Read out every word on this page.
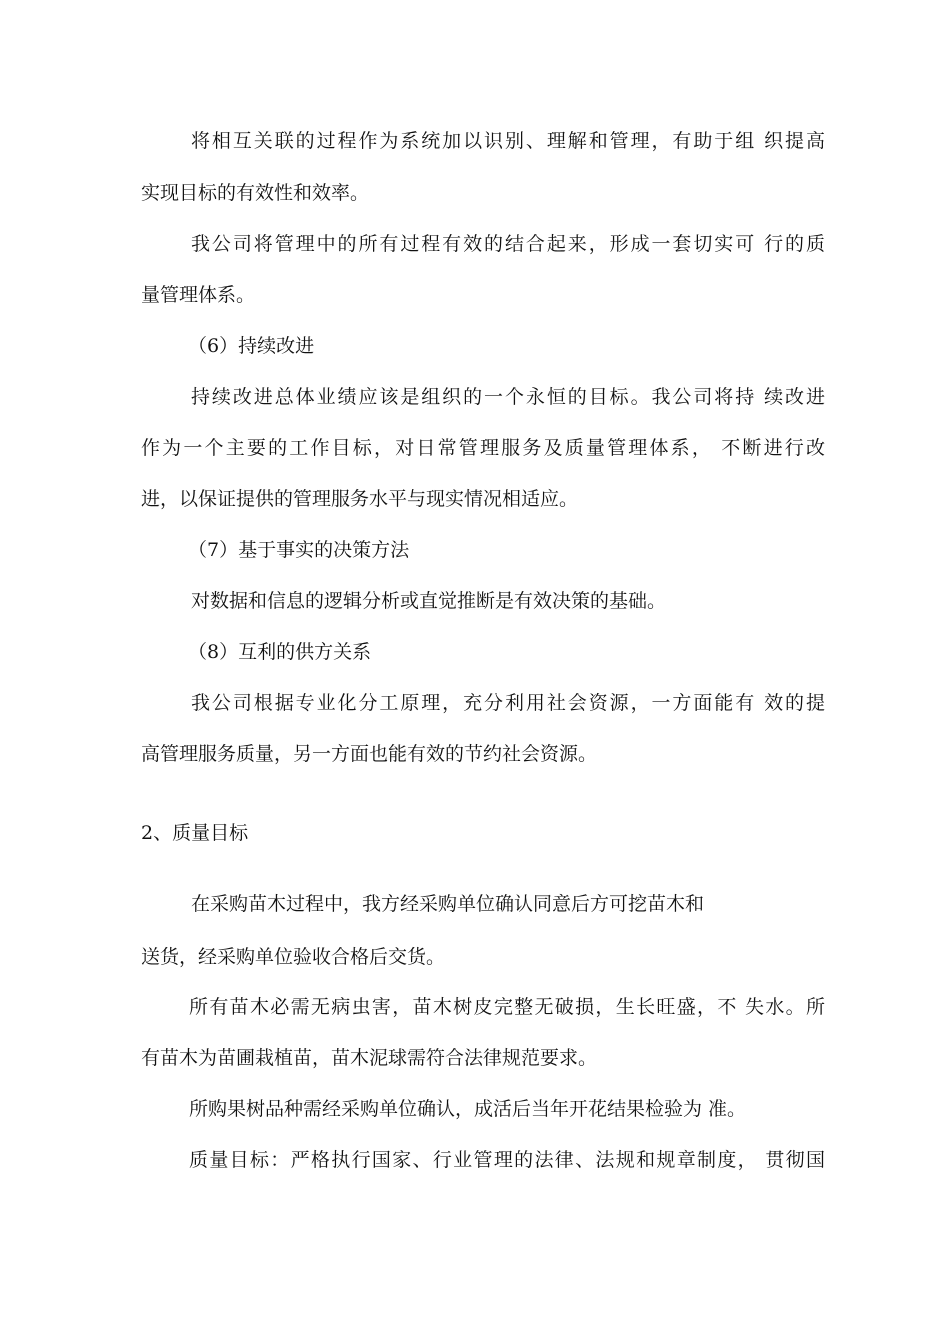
将相互关联的过程作为系统加以识别、理解和管理，有助于组 织提高

实现目标的有效性和效率。

我公司将管理中的所有过程有效的结合起来，形成一套切实可 行的质

量管理体系。

（6）持续改进

持续改进总体业绩应该是组织的一个永恒的目标。我公司将持 续改进

作为一个主要的工作目标，对日常管理服务及质量管理体系， 不断进行改

进，以保证提供的管理服务水平与现实情况相适应。

（7）基于事实的决策方法

对数据和信息的逻辑分析或直觉推断是有效决策的基础。

（8）互利的供方关系

我公司根据专业化分工原理，充分利用社会资源，一方面能有 效的提

高管理服务质量，另一方面也能有效的节约社会资源。

2、质量目标

在采购苗木过程中，我方经采购单位确认同意后方可挖苗木和

送货，经采购单位验收合格后交货。

所有苗木必需无病虫害，苗木树皮完整无破损，生长旺盛，不 失水。所

有苗木为苗圃栽植苗，苗木泥球需符合法律规范要求。

所购果树品种需经采购单位确认，成活后当年开花结果检验为 准。

质量目标：严格执行国家、行业管理的法律、法规和规章制度， 贯彻国
